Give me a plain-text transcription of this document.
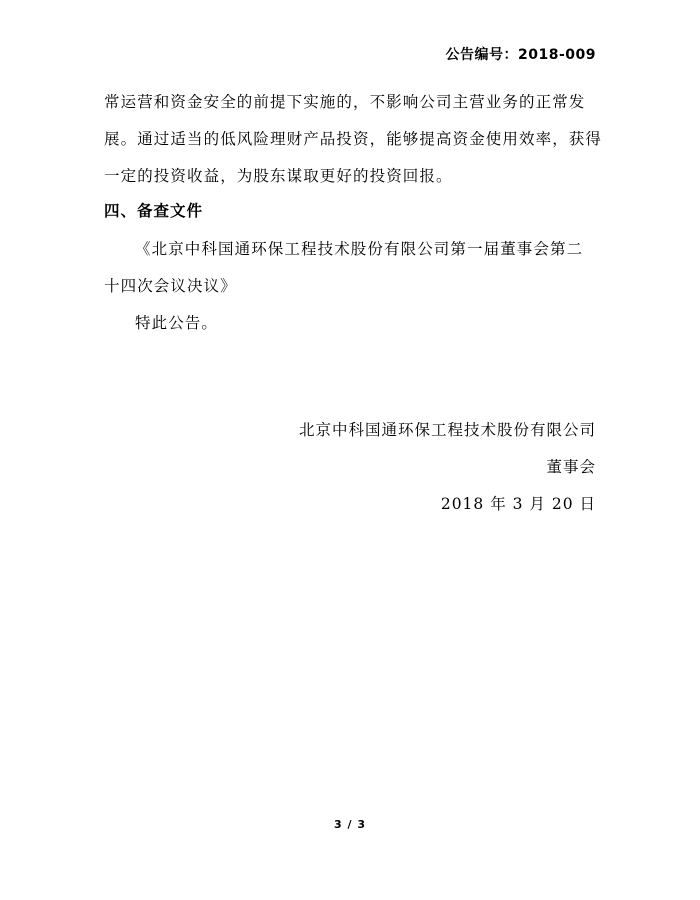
公告编号：2018-009
常运营和资金安全的前提下实施的，不影响公司主营业务的正常发
展。通过适当的低风险理财产品投资，能够提高资金使用效率，获得
一定的投资收益，为股东谋取更好的投资回报。
四、备查文件
《北京中科国通环保工程技术股份有限公司第一届董事会第二
十四次会议决议》
特此公告。
北京中科国通环保工程技术股份有限公司
董事会
2018 年 3 月 20 日
3 / 3
